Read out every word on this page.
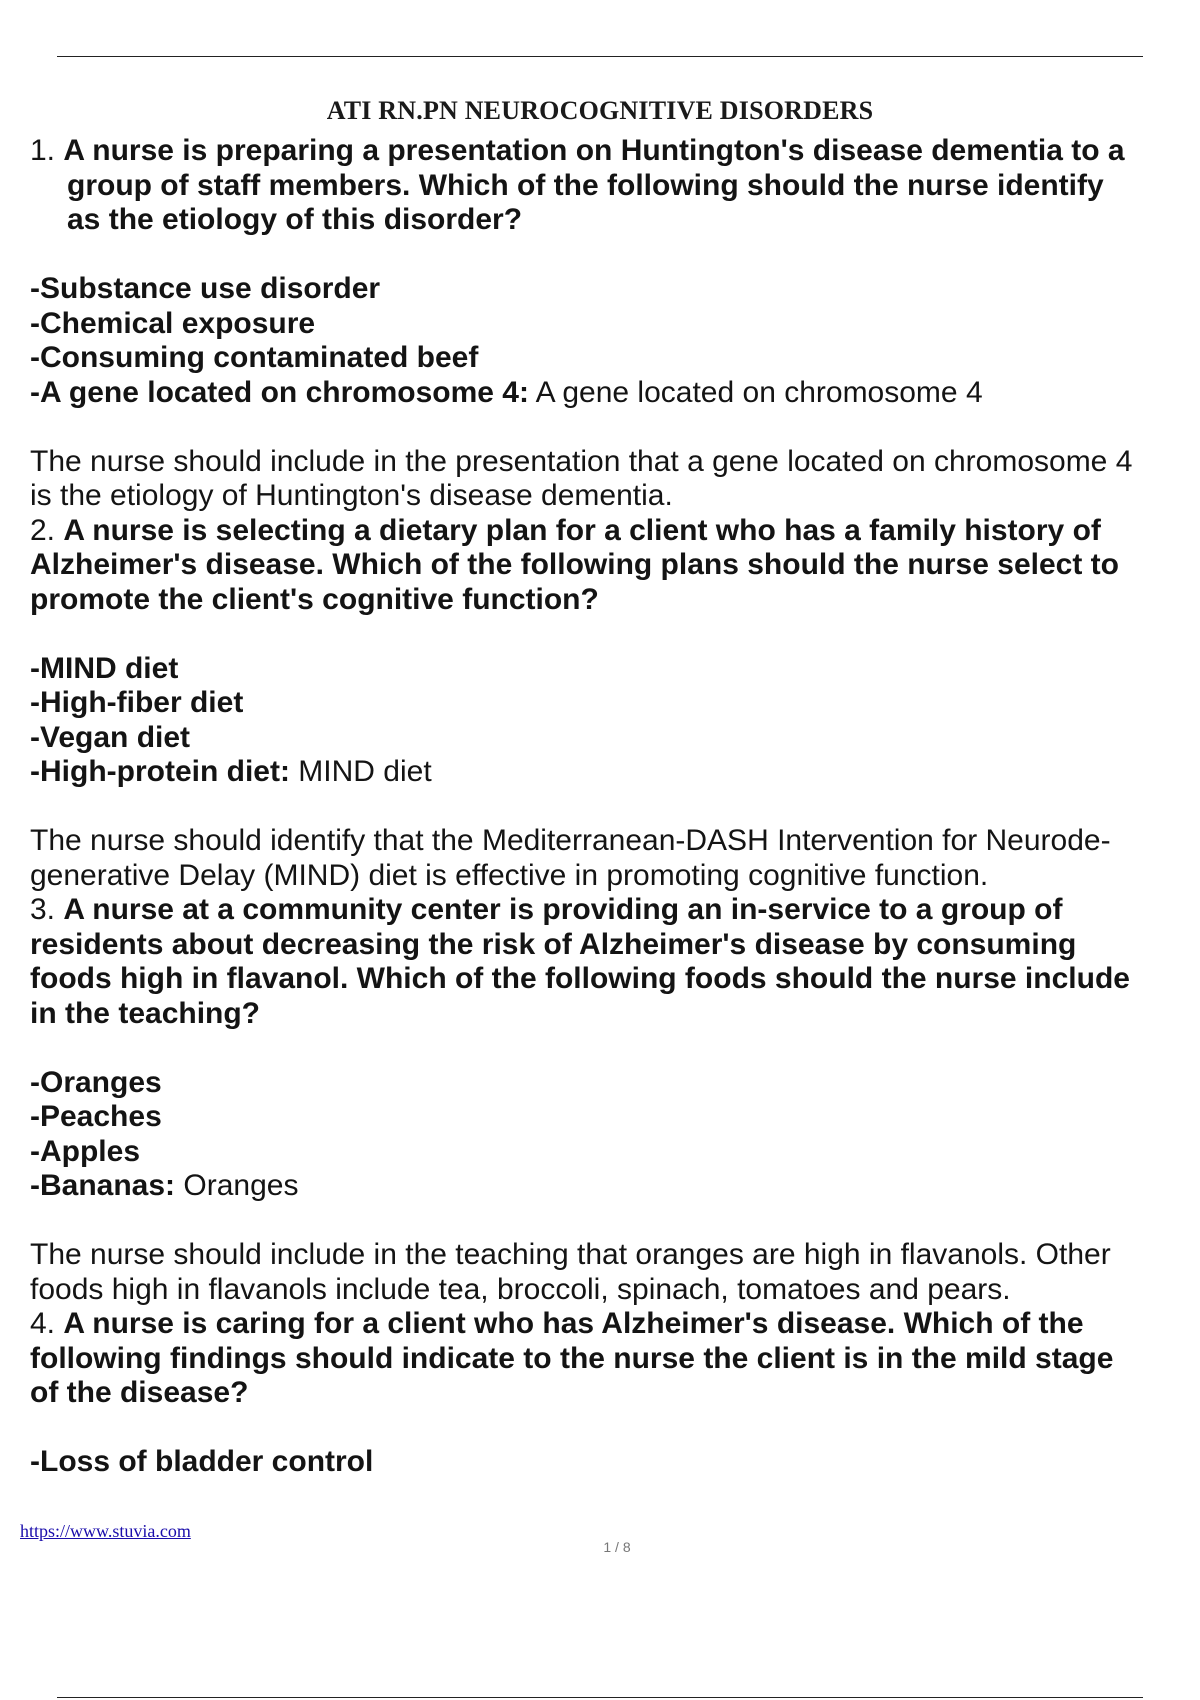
ATI RN.PN NEUROCOGNITIVE DISORDERS
1. A nurse is preparing a presentation on Huntington's disease dementia to a
group of staff members. Which of the following should the nurse identify
as the etiology of this disorder?
-Substance use disorder
-Chemical exposure
-Consuming contaminated beef
-A gene located on chromosome 4: A gene located on chromosome 4
The nurse should include in the presentation that a gene located on chromosome 4
is the etiology of Huntington's disease dementia.
2. A nurse is selecting a dietary plan for a client who has a family history of
Alzheimer's disease. Which of the following plans should the nurse select to
promote the client's cognitive function?
-MIND diet
-High-fiber diet
-Vegan diet
-High-protein diet: MIND diet
The nurse should identify that the Mediterranean-DASH Intervention for Neurode-
generative Delay (MIND) diet is effective in promoting cognitive function.
3. A nurse at a community center is providing an in-service to a group of
residents about decreasing the risk of Alzheimer's disease by consuming
foods high in flavanol. Which of the following foods should the nurse include
in the teaching?
-Oranges
-Peaches
-Apples
-Bananas: Oranges
The nurse should include in the teaching that oranges are high in flavanols. Other
foods high in flavanols include tea, broccoli, spinach, tomatoes and pears.
4. A nurse is caring for a client who has Alzheimer's disease. Which of the
following findings should indicate to the nurse the client is in the mild stage
of the disease?
-Loss of bladder control
https://www.stuvia.com
1 / 8
